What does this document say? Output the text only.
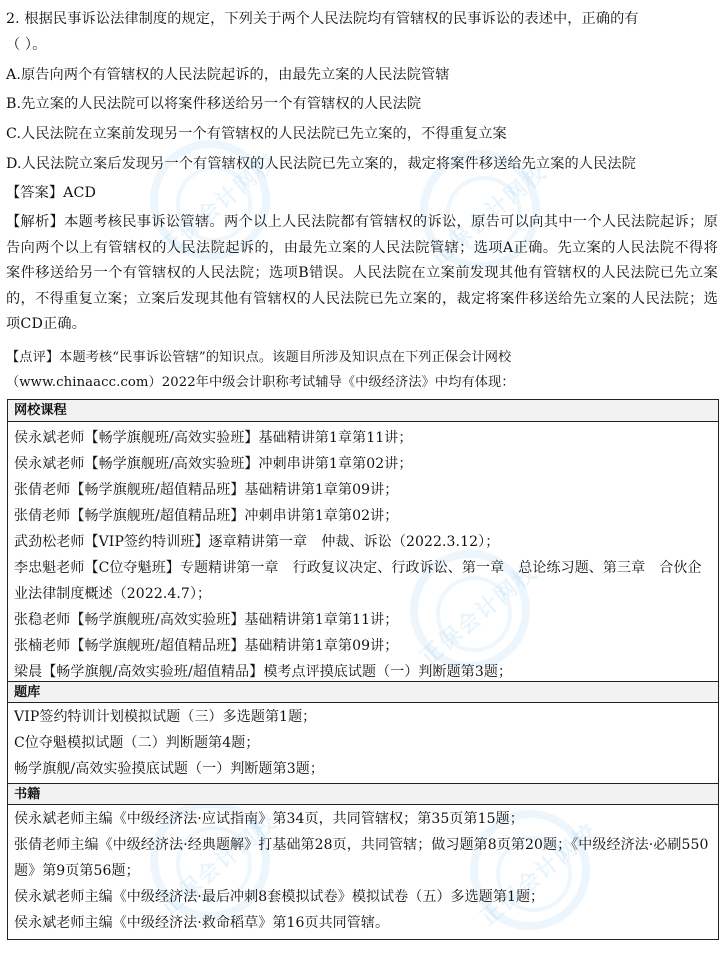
正保会计网校	正保会计网校
正保会计网校
正保会计网校	正保会计网校
2. 根据民事诉讼法律制度的规定，下列关于两个人民法院均有管辖权的民事诉讼的表述中，正确的有
（ ）。
A.原告向两个有管辖权的人民法院起诉的，由最先立案的人民法院管辖
B.先立案的人民法院可以将案件移送给另一个有管辖权的人民法院
C.人民法院在立案前发现另一个有管辖权的人民法院已先立案的，不得重复立案
D.人民法院立案后发现另一个有管辖权的人民法院已先立案的，裁定将案件移送给先立案的人民法院
【答案】ACD
【解析】本题考核民事诉讼管辖。两个以上人民法院都有管辖权的诉讼，原告可以向其中一个人民法院起诉；原告向两个以上有管辖权的人民法院起诉的，由最先立案的人民法院管辖；选项A正确。先立案的人民法院不得将案件移送给另一个有管辖权的人民法院；选项B错误。人民法院在立案前发现其他有管辖权的人民法院已先立案的，不得重复立案；立案后发现其他有管辖权的人民法院已先立案的，裁定将案件移送给先立案的人民法院；选项CD正确。
【点评】本题考核“民事诉讼管辖”的知识点。该题目所涉及知识点在下列正保会计网校
（www.chinaacc.com）2022年中级会计职称考试辅导《中级经济法》中均有体现：
网校课程
侯永斌老师【畅学旗舰班/高效实验班】基础精讲第1章第11讲；
侯永斌老师【畅学旗舰班/高效实验班】冲刺串讲第1章第02讲；
张倩老师【畅学旗舰班/超值精品班】基础精讲第1章第09讲；
张倩老师【畅学旗舰班/超值精品班】冲刺串讲第1章第02讲；
武劲松老师【VIP签约特训班】逐章精讲第一章　仲裁、诉讼（2022.3.12）；
李忠魁老师【C位夺魁班】专题精讲第一章　行政复议决定、行政诉讼、第一章　总论练习题、第三章　合伙企业法律制度概述（2022.4.7）；
张稳老师【畅学旗舰班/高效实验班】基础精讲第1章第11讲；
张楠老师【畅学旗舰班/超值精品班】基础精讲第1章第09讲；
梁晨【畅学旗舰/高效实验班/超值精品】模考点评摸底试题（一）判断题第3题；
题库
VIP签约特训计划模拟试题（三）多选题第1题；
C位夺魁模拟试题（二）判断题第4题；
畅学旗舰/高效实验摸底试题（一）判断题第3题；
书籍
侯永斌老师主编《中级经济法·应试指南》第34页，共同管辖权；第35页第15题；
张倩老师主编《中级经济法·经典题解》打基础第28页，共同管辖；做习题第8页第20题；《中级经济法·必刷550题》第9页第56题；
侯永斌老师主编《中级经济法·最后冲刺8套模拟试卷》模拟试卷（五）多选题第1题；
侯永斌老师主编《中级经济法·救命稻草》第16页共同管辖。
